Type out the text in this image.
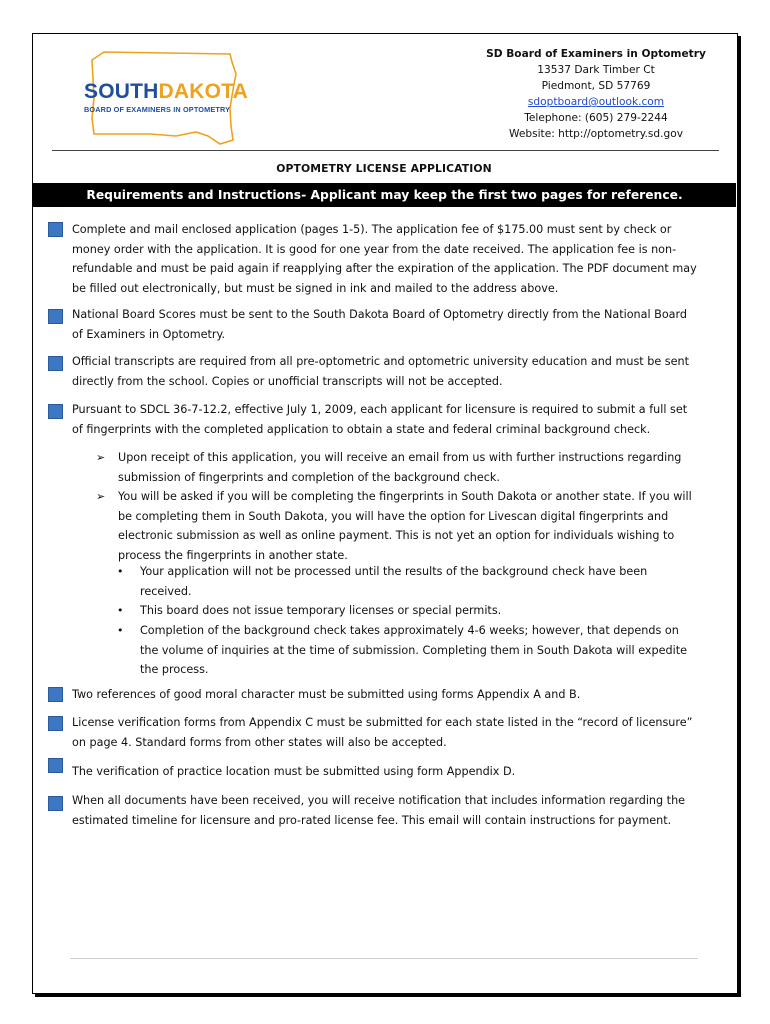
SOUTHDAKOTA
BOARD OF EXAMINERS IN OPTOMETRY
SD Board of Examiners in Optometry
13537 Dark Timber Ct
Piedmont, SD 57769
sdoptboard@outlook.com
Telephone: (605) 279-2244
Website: http://optometry.sd.gov
OPTOMETRY LICENSE APPLICATION
Requirements and Instructions- Applicant may keep the first two pages for reference.
Complete and mail enclosed application (pages 1-5). The application fee of $175.00 must sent by check or
money order with the application. It is good for one year from the date received. The application fee is non-
refundable and must be paid again if reapplying after the expiration of the application. The PDF document may
be filled out electronically, but must be signed in ink and mailed to the address above.
National Board Scores must be sent to the South Dakota Board of Optometry directly from the National Board
of Examiners in Optometry.
Official transcripts are required from all pre-optometric and optometric university education and must be sent
directly from the school. Copies or unofficial transcripts will not be accepted.
Pursuant to SDCL 36-7-12.2, effective July 1, 2009, each applicant for licensure is required to submit a full set
of fingerprints with the completed application to obtain a state and federal criminal background check.
Two references of good moral character must be submitted using forms Appendix A and B.
License verification forms from Appendix C must be submitted for each state listed in the “record of licensure”
on page 4. Standard forms from other states will also be accepted.
The verification of practice location must be submitted using form Appendix D.
When all documents have been received, you will receive notification that includes information regarding the
estimated timeline for licensure and pro-rated license fee. This email will contain instructions for payment.
➢ Upon receipt of this application, you will receive an email from us with further instructions regarding
submission of fingerprints and completion of the background check.
➢ You will be asked if you will be completing the fingerprints in South Dakota or another state. If you will
be completing them in South Dakota, you will have the option for Livescan digital fingerprints and
electronic submission as well as online payment. This is not yet an option for individuals wishing to
process the fingerprints in another state.
• Your application will not be processed until the results of the background check have been
received.
• This board does not issue temporary licenses or special permits.
• Completion of the background check takes approximately 4-6 weeks; however, that depends on
the volume of inquiries at the time of submission. Completing them in South Dakota will expedite
the process.
